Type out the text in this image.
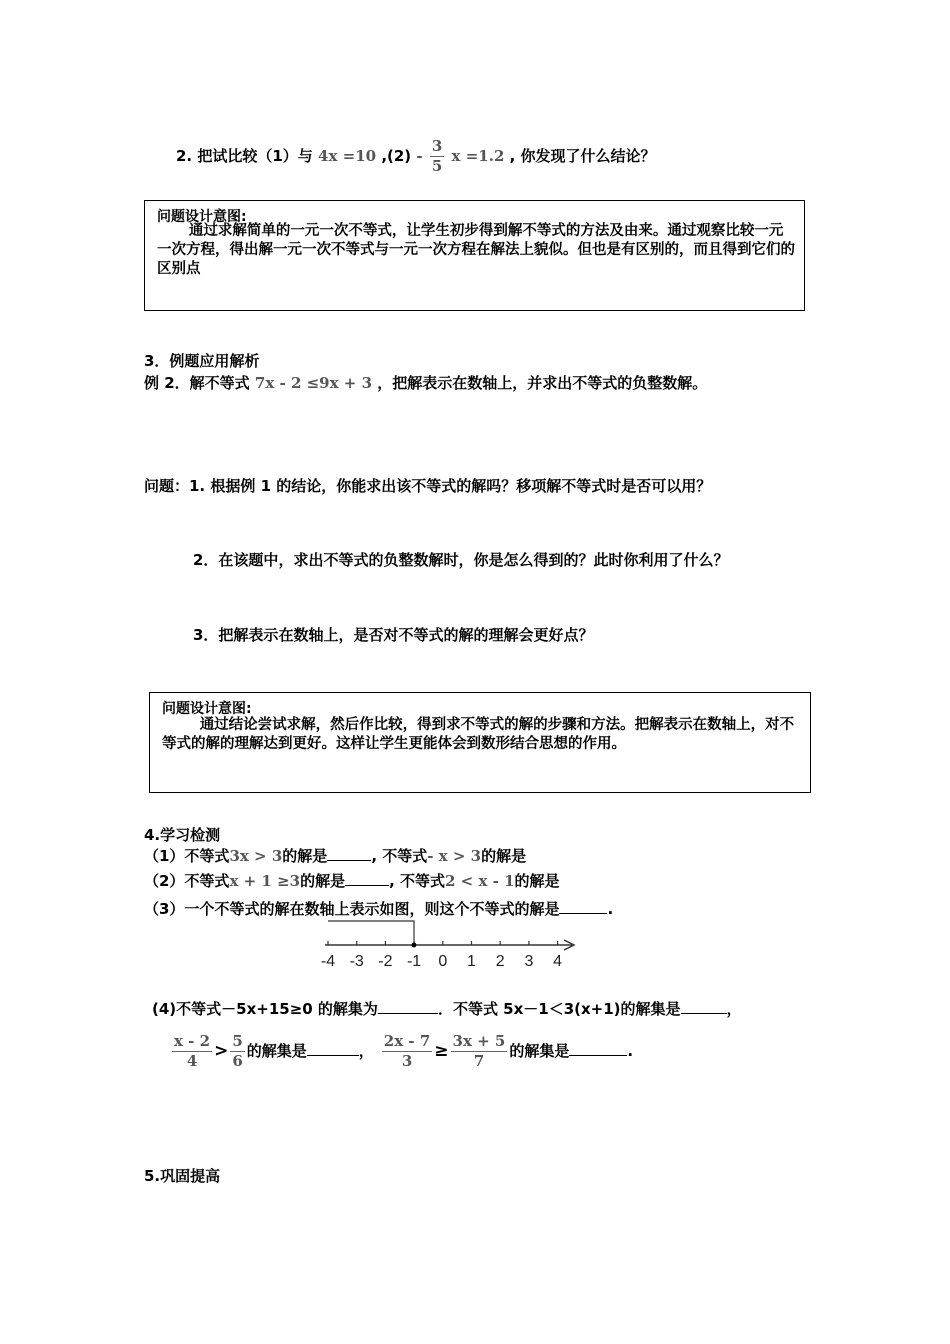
2. 把试比较（1）与 4x =10 $,(2) - \frac{3}{5}$ x =1.2 , 你发现了什么结论？
问题设计意图:
通过求解简单的一元一次不等式，让学生初步得到解不等式的方法及由来。通过观察比较一元一次方程，得出解一元一次不等式与一元一次方程在解法上貌似。但也是有区别的，而且得到它们的区别点
3．例题应用解析
例 2．解不等式 7x - 2 ≤9x + 3 ，把解表示在数轴上，并求出不等式的负整数解。
问题：1. 根据例 1 的结论，你能求出该不等式的解吗？移项解不等式时是否可以用？
2．在该题中，求出不等式的负整数解时，你是怎么得到的？此时你利用了什么？
3．把解表示在数轴上，是否对不等式的解的理解会更好点？
问题设计意图:
通过结论尝试求解，然后作比较，得到求不等式的解的步骤和方法。把解表示在数轴上，对不等式的解的理解达到更好。这样让学生更能体会到数形结合思想的作用。
4.学习检测
（1）不等式3x > 3的解是	, 不等式- x > 3的解是
（2）不等式x + 1 ≥3的解是	, 不等式2 < x - 1的解是
（3）一个不等式的解在数轴上表示如图，则这个不等式的解是	.
-4 -3 -2 -1 0 1 2 3 4
(4)不等式－5x+15≥0 的解集为	．不等式 5x－1＜3(x+1)的解集是	，
$\frac{x - 2}{4} > \frac{5}{6}$ 的解集是	， $\frac{2x - 7}{3} \ge \frac{3x + 5}{7}$ 的解集是	.
5.巩固提高
